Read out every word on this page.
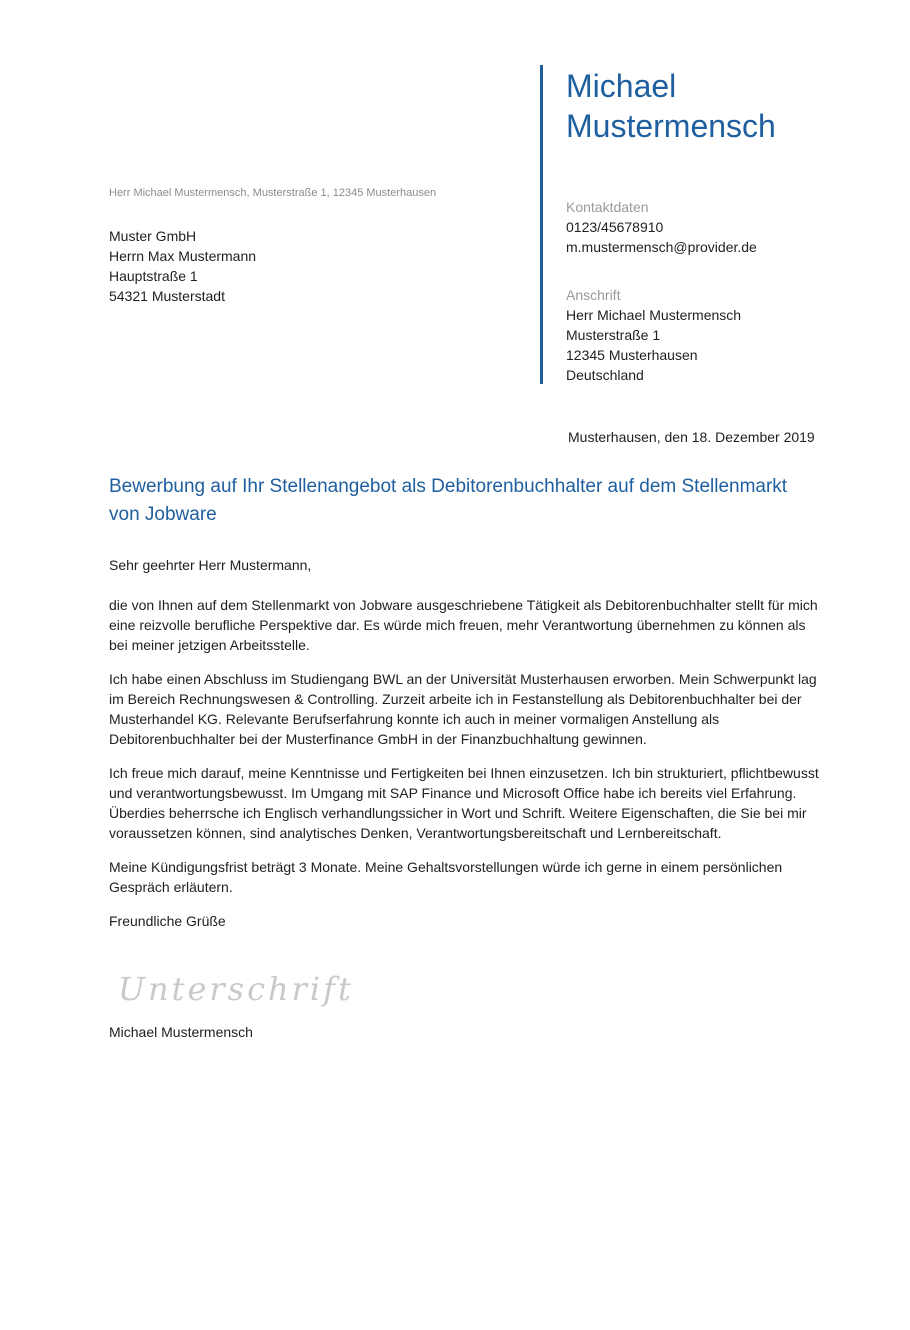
Herr Michael Mustermensch, Musterstraße 1, 12345 Musterhausen
Muster GmbH
Herrn Max Mustermann
Hauptstraße 1
54321 Musterstadt
Michael
Mustermensch
Kontaktdaten
0123/45678910
m.mustermensch@provider.de
Anschrift
Herr Michael Mustermensch
Musterstraße 1
12345 Musterhausen
Deutschland
Musterhausen, den 18. Dezember 2019
Bewerbung auf Ihr Stellenangebot als Debitorenbuchhalter auf dem Stellenmarkt von Jobware

Sehr geehrter Herr Mustermann,

die von Ihnen auf dem Stellenmarkt von Jobware ausgeschriebene Tätigkeit als Debitorenbuchhalter stellt für mich eine reizvolle berufliche Perspektive dar. Es würde mich freuen, mehr Verantwortung übernehmen zu können als bei meiner jetzigen Arbeitsstelle.

Ich habe einen Abschluss im Studiengang BWL an der Universität Musterhausen erworben. Mein Schwerpunkt lag im Bereich Rechnungswesen & Controlling. Zurzeit arbeite ich in Festanstellung als Debitorenbuchhalter bei der Musterhandel KG. Relevante Berufserfahrung konnte ich auch in meiner vormaligen Anstellung als Debitorenbuchhalter bei der Musterfinance GmbH in der Finanzbuchhaltung gewinnen.

Ich freue mich darauf, meine Kenntnisse und Fertigkeiten bei Ihnen einzusetzen. Ich bin strukturiert, pflichtbewusst und verantwortungsbewusst. Im Umgang mit SAP Finance und Microsoft Office habe ich bereits viel Erfahrung. Überdies beherrsche ich Englisch verhandlungssicher in Wort und Schrift. Weitere Eigenschaften, die Sie bei mir voraussetzen können, sind analytisches Denken, Verantwortungsbereitschaft und Lernbereitschaft.

Meine Kündigungsfrist beträgt 3 Monate. Meine Gehaltsvorstellungen würde ich gerne in einem persönlichen Gespräch erläutern.

Freundliche Grüße

Unterschrift
Michael Mustermensch
